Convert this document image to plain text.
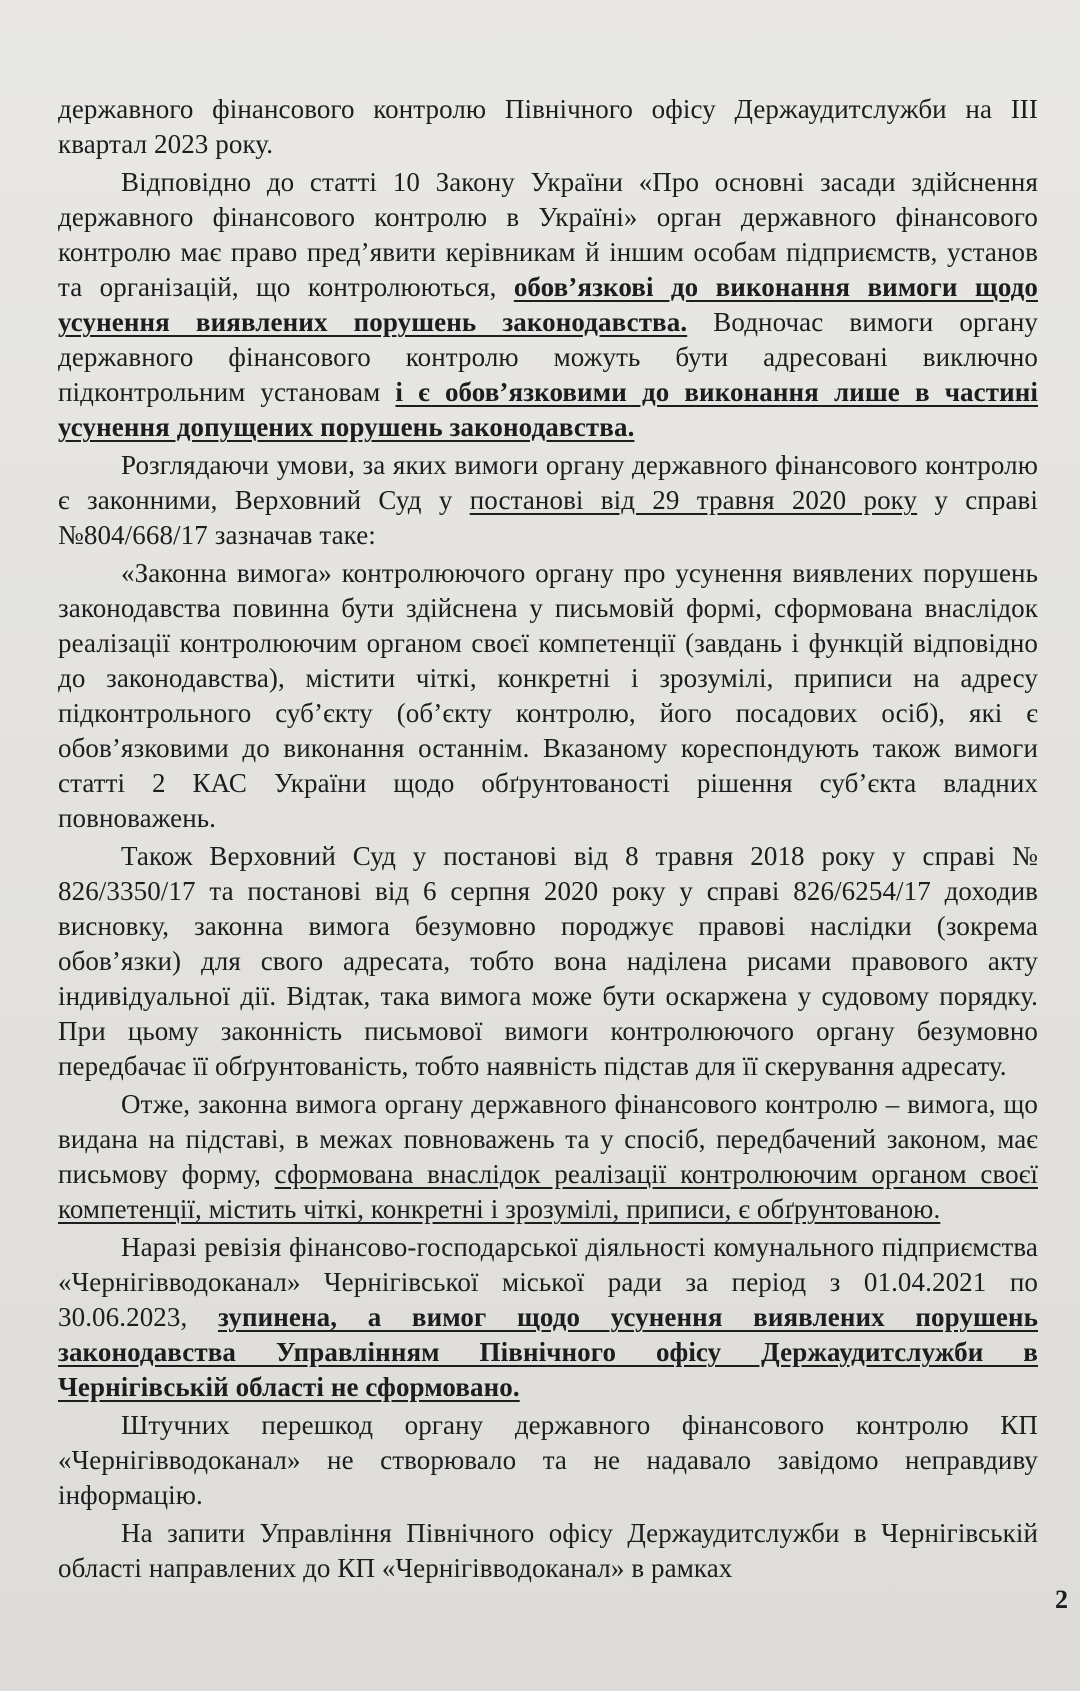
державного фінансового контролю Північного офісу Держаудитслужби на III квартал 2023 року.

Відповідно до статті 10 Закону України «Про основні засади здійснення державного фінансового контролю в Україні» орган державного фінансового контролю має право пред’явити керівникам й іншим особам підприємств, установ та організацій, що контролюються, обов’язкові до виконання вимоги щодо усунення виявлених порушень законодавства. Водночас вимоги органу державного фінансового контролю можуть бути адресовані виключно підконтрольним установам і є обов’язковими до виконання лише в частині усунення допущених порушень законодавства.

Розглядаючи умови, за яких вимоги органу державного фінансового контролю є законними, Верховний Суд у постанові від 29 травня 2020 року у справі №804/668/17 зазначав таке:

«Законна вимога» контролюючого органу про усунення виявлених порушень законодавства повинна бути здійснена у письмовій формі, сформована внаслідок реалізації контролюючим органом своєї компетенції (завдань і функцій відповідно до законодавства), містити чіткі, конкретні і зрозумілі, приписи на адресу підконтрольного суб’єкту (об’єкту контролю, його посадових осіб), які є обов’язковими до виконання останнім. Вказаному кореспондують також вимоги статті 2 КАС України щодо обґрунтованості рішення суб’єкта владних повноважень.

Також Верховний Суд у постанові від 8 травня 2018 року у справі № 826/3350/17 та постанові від 6 серпня 2020 року у справі 826/6254/17 доходив висновку, законна вимога безумовно породжує правові наслідки (зокрема обов’язки) для свого адресата, тобто вона наділена рисами правового акту індивідуальної дії. Відтак, така вимога може бути оскаржена у судовому порядку. При цьому законність письмової вимоги контролюючого органу безумовно передбачає її обґрунтованість, тобто наявність підстав для її скерування адресату.

Отже, законна вимога органу державного фінансового контролю – вимога, що видана на підставі, в межах повноважень та у спосіб, передбачений законом, має письмову форму, сформована внаслідок реалізації контролюючим органом своєї компетенції, містить чіткі, конкретні і зрозумілі, приписи, є обґрунтованою.

Наразі ревізія фінансово-господарської діяльності комунального підприємства «Чернігівводоканал» Чернігівської міської ради за період з 01.04.2021 по 30.06.2023, зупинена, а вимог щодо усунення виявлених порушень законодавства Управлінням Північного офісу Держаудитслужби в Чернігівській області не сформовано.

Штучних перешкод органу державного фінансового контролю КП «Чернігівводоканал» не створювало та не надавало завідомо неправдиву інформацію.

На запити Управління Північного офісу Держаудитслужби в Чернігівській області направлених до КП «Чернігівводоканал» в рамках

2
